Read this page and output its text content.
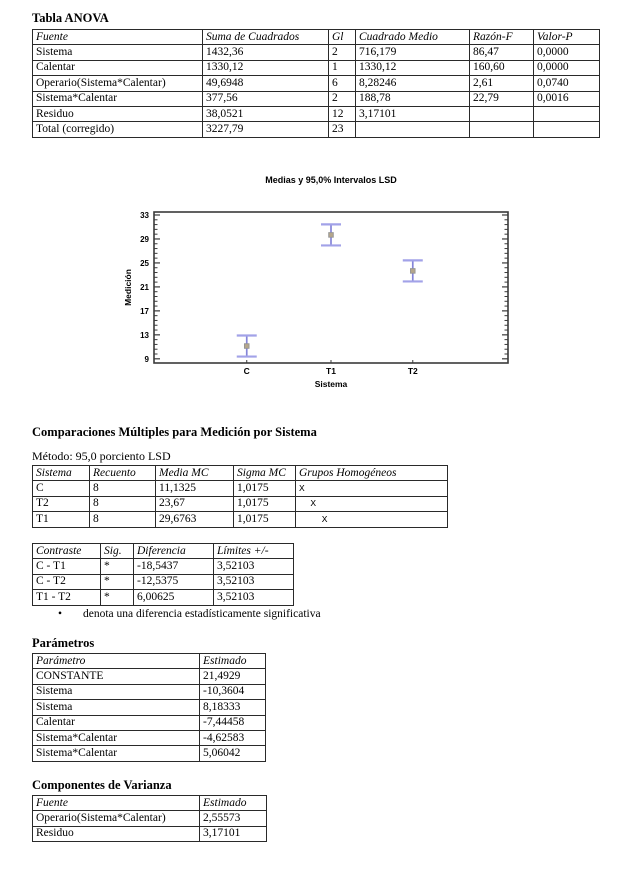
Tabla ANOVA
Fuente	Suma de Cuadrados	Gl	Cuadrado Medio	Razón-F	Valor-P
Sistema	1432,36	2	716,179	86,47	0,0000
Calentar	1330,12	1	1330,12	160,60	0,0000
Operario(Sistema*Calentar)	49,6948	6	8,28246	2,61	0,0740
Sistema*Calentar	377,56	2	188,78	22,79	0,0016
Residuo	38,0521	12	3,17101		
Total (corregido)	3227,79	23			
9
13
17
21
25
29
33
C	T1	T2
Medias y 95,0% Intervalos LSD
Sistema
Medición
Comparaciones Múltiples para Medición por Sistema
Método: 95,0 porciento LSD
Sistema	Recuento	Media MC	Sigma MC	Grupos Homogéneos
C	8	11,1325	1,0175	X
T2	8	23,67	1,0175	X
T1	8	29,6763	1,0175	X
Contraste	Sig.	Diferencia	Límites +/-
C - T1	*	-18,5437	3,52103
C - T2	*	-12,5375	3,52103
T1 - T2	*	6,00625	3,52103
• denota una diferencia estadísticamente significativa
Parámetros
Parámetro	Estimado
CONSTANTE	21,4929
Sistema	-10,3604
Sistema	8,18333
Calentar	-7,44458
Sistema*Calentar	-4,62583
Sistema*Calentar	5,06042
Componentes de Varianza
Fuente	Estimado
Operario(Sistema*Calentar)	2,55573
Residuo	3,17101
